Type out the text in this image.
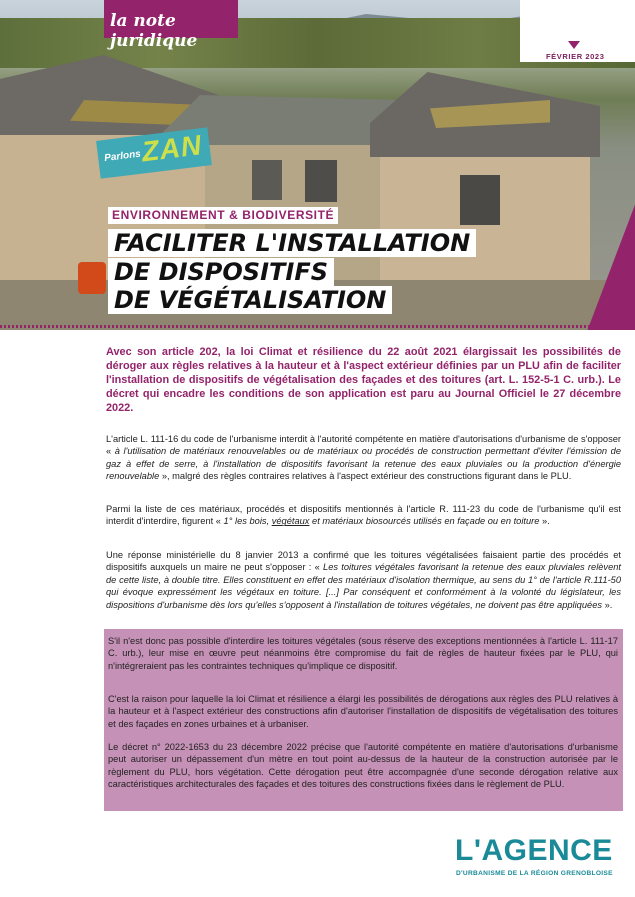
FÉVRIER 2023
la note juridique
Parlons
ZAN
ENVIRONNEMENT & BIODIVERSITÉ
FACILITER L'INSTALLATION
DE DISPOSITIFS
DE VÉGÉTALISATION

Avec son article 202, la loi Climat et résilience du 22 août 2021 élargissait les possibilités de déroger aux règles relatives à la hauteur et à l'aspect extérieur définies par un PLU afin de faciliter l'installation de dispositifs de végétalisation des façades et des toitures (art. L. 152-5-1 C. urb.). Le décret qui encadre les conditions de son application est paru au Journal Officiel le 27 décembre 2022.

L'article L. 111-16 du code de l'urbanisme interdit à l'autorité compétente en matière d'autorisations d'urbanisme de s'opposer « à l'utilisation de matériaux renouvelables ou de matériaux ou procédés de construction permettant d'éviter l'émission de gaz à effet de serre, à l'installation de dispositifs favorisant la retenue des eaux pluviales ou la production d'énergie renouvelable », malgré des règles contraires relatives à l'aspect extérieur des constructions figurant dans le PLU.

Parmi la liste de ces matériaux, procédés et dispositifs mentionnés à l'article R. 111-23 du code de l'urbanisme qu'il est interdit d'interdire, figurent « 1° les bois, végétaux et matériaux biosourcés utilisés en façade ou en toiture ».

Une réponse ministérielle du 8 janvier 2013 a confirmé que les toitures végétalisées faisaient partie des procédés et dispositifs auxquels un maire ne peut s'opposer : « Les toitures végétales favorisant la retenue des eaux pluviales relèvent de cette liste, à double titre. Elles constituent en effet des matériaux d'isolation thermique, au sens du 1° de l'article R.111-50 qui évoque expressément les végétaux en toiture. [...] Par conséquent et conformément à la volonté du législateur, les dispositions d'urbanisme dès lors qu'elles s'opposent à l'installation de toitures végétales, ne doivent pas être appliquées ».

S'il n'est donc pas possible d'interdire les toitures végétales (sous réserve des exceptions mentionnées à l'article L. 111-17 C. urb.), leur mise en œuvre peut néanmoins être compromise du fait de règles de hauteur fixées par le PLU, qui n'intégreraient pas les contraintes techniques qu'implique ce dispositif.

C'est la raison pour laquelle la loi Climat et résilience a élargi les possibilités de dérogations aux règles des PLU relatives à la hauteur et à l'aspect extérieur des constructions afin d'autoriser l'installation de dispositifs de végétalisation des toitures et des façades en zones urbaines et à urbaniser.

Le décret n° 2022-1653 du 23 décembre 2022 précise que l'autorité compétente en matière d'autorisations d'urbanisme peut autoriser un dépassement d'un mètre en tout point au-dessus de la hauteur de la construction autorisée par le règlement du PLU, hors végétation. Cette dérogation peut être accompagnée d'une seconde dérogation relative aux caractéristiques architecturales des façades et des toitures des constructions fixées dans le règlement de PLU.

L'AGENCE
D'URBANISME DE LA RÉGION GRENOBLOISE
